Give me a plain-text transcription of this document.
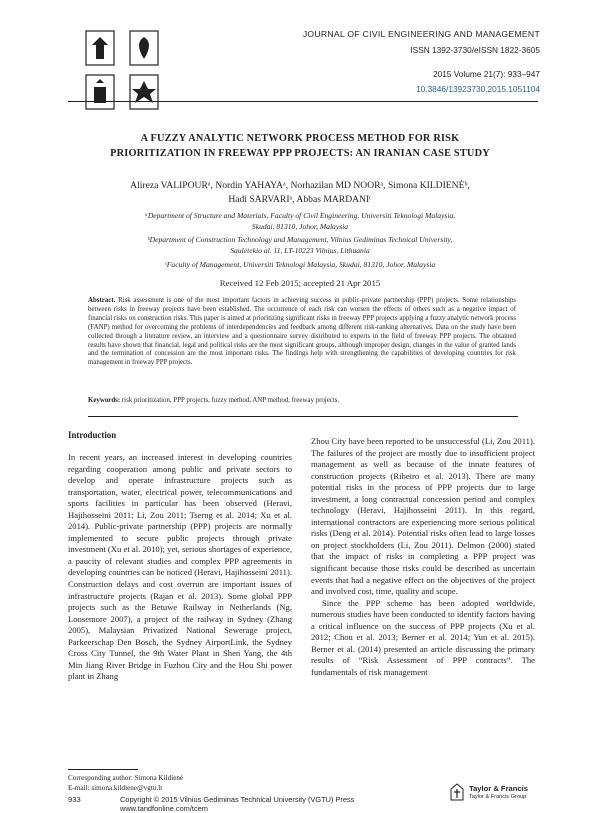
JOURNAL OF CIVIL ENGINEERING AND MANAGEMENT
ISSN 1392-3730/eISSN 1822-3605
2015 Volume 21(7): 933–947
10.3846/13923730.2015.1051104
A FUZZY ANALYTIC NETWORK PROCESS METHOD FOR RISK
PRIORITIZATION IN FREEWAY PPP PROJECTS: AN IRANIAN CASE STUDY
Alireza VALIPOURᵃ, Nordin YAHAYAᵃ, Norhazilan MD NOORᵃ, Simona KILDIENĖᵇ,
Hadi SARVARIᵃ, Abbas MARDANIᶜ
ᵃDepartment of Structure and Materials, Faculty of Civil Engineering, Universiti Teknologi Malaysia,
Skudai, 81310, Johor, Malaysia
ᵇDepartment of Construction Technology and Management, Vilnius Gediminas Technical University,
Saulėtekio al. 11, LT-10223 Vilnius, Lithuania
ᶜFaculty of Management, Universiti Teknologi Malaysia, Skudai, 81310, Johor, Malaysia
Received 12 Feb 2015; accepted 21 Apr 2015
Abstract. Risk assessment is one of the most important factors in achieving success in public-private partnership (PPP) projects. Some relationships between risks in freeway projects have been established. The occurrence of each risk can worsen the effects of others such as a negative impact of financial risks on construction risks. This paper is aimed at prioritizing significant risks in freeway PPP projects applying a fuzzy analytic network process (FANP) method for overcoming the problems of interdependencies and feedback among different risk-ranking alternatives. Data on the study have been collected through a literature review, an interview and a questionnaire survey distributed to experts in the field of freeway PPP projects. The obtained results have shown that financial, legal and political risks are the most significant groups, although improper design, changes in the value of granted lands and the termination of concession are the most important risks. The findings help with strengthening the capabilities of developing countries for risk management in freeway PPP projects.
Keywords: risk prioritization, PPP projects, fuzzy method, ANP method, freeway projects.
Introduction

In recent years, an increased interest in developing countries regarding cooperation among public and private sectors to develop and operate infrastructure projects such as transportation, water, electrical power, telecommunications and sports facilities in particular has been observed (Heravi, Hajihosseini 2011; Li, Zou 2011; Tserng et al. 2014; Xu et al. 2014). Public-private partnership (PPP) projects are normally implemented to secure public projects through private investment (Xu et al. 2010); yet, serious shortages of experience, a paucity of relevant studies and complex PPP agreements in developing countries can be noticed (Heravi, Hajihosseini 2011). Construction delays and cost overrun are important issues of infrastructure projects (Rajan et al. 2013). Some global PPP projects such as the Betuwe Railway in Netherlands (Ng, Loosemore 2007), a project of the railway in Sydney (Zhang 2005), Malaysian Privatized National Sewerage project, Parkeerschap Den Bosch, the Sydney AirportLink, the Sydney Cross City Tunnel, the 9th Water Plant in Shen Yang, the 4th Min Jiang River Bridge in Fuzhou City and the Hou Shi power plant in Zhang

Zhou City have been reported to be unsuccessful (Li, Zou 2011). The failures of the project are mostly due to insufficient project management as well as because of the innate features of construction projects (Ribeiro et al. 2013). There are many potential risks in the process of PPP projects due to large investment, a long contractual concession period and complex technology (Heravi, Hajihosseini 2011). In this regard, international contractors are experiencing more serious political risks (Deng et al. 2014). Potential risks often lead to large losses on project stockholders (Li, Zou 2011). Delmon (2000) stated that the impact of risks in completing a PPP project was significant because those risks could be described as uncertain events that had a negative effect on the objectives of the project and involved cost, time, quality and scope.

Since the PPP scheme has been adopted worldwide, numerous studies have been conducted to identify factors having a critical influence on the success of PPP projects (Xu et al. 2012; Chou et al. 2013; Berner et al. 2014; Yun et al. 2015). Berner et al. (2014) presented an article discussing the primary results of “Risk Assessment of PPP contracts”. The fundamentals of risk management

Corresponding author: Simona Kildienė
E-mail: simona.kildiene@vgtu.lt
933	Copyright © 2015 Vilnius Gediminas Technical University (VGTU) Press
www.tandfonline.com/tcem
Taylor & Francis
Taylor & Francis Group
